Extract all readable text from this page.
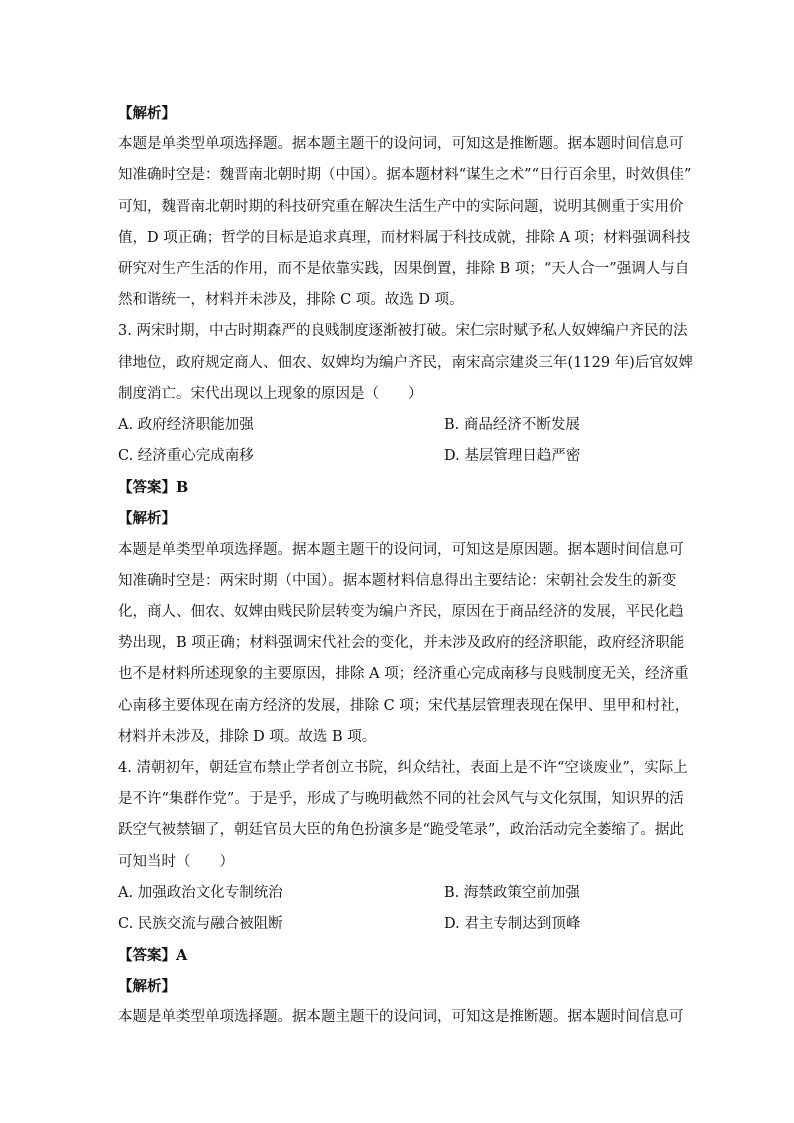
【解析】
本题是单类型单项选择题。据本题主题干的设问词，可知这是推断题。据本题时间信息可
知准确时空是：魏晋南北朝时期（中国）。据本题材料“谋生之术”“日行百余里，时效俱佳”
可知，魏晋南北朝时期的科技研究重在解决生活生产中的实际问题，说明其侧重于实用价
值，D 项正确；哲学的目标是追求真理，而材料属于科技成就，排除 A 项；材料强调科技
研究对生产生活的作用，而不是依靠实践，因果倒置，排除 B 项；“天人合一”强调人与自
然和谐统一，材料并未涉及，排除 C 项。故选 D 项。
3. 两宋时期，中古时期森严的良贱制度逐渐被打破。宋仁宗时赋予私人奴婢编户齐民的法
律地位，政府规定商人、佃农、奴婢均为编户齐民，南宋高宗建炎三年(1129 年)后官奴婢
制度消亡。宋代出现以上现象的原因是（　　）
A. 政府经济职能加强	B. 商品经济不断发展
C. 经济重心完成南移	D. 基层管理日趋严密
【答案】B
【解析】
本题是单类型单项选择题。据本题主题干的设问词，可知这是原因题。据本题时间信息可
知准确时空是：两宋时期（中国）。据本题材料信息得出主要结论：宋朝社会发生的新变
化，商人、佃农、奴婢由贱民阶层转变为编户齐民，原因在于商品经济的发展，平民化趋
势出现，B 项正确；材料强调宋代社会的变化，并未涉及政府的经济职能，政府经济职能
也不是材料所述现象的主要原因，排除 A 项；经济重心完成南移与良贱制度无关，经济重
心南移主要体现在南方经济的发展，排除 C 项；宋代基层管理表现在保甲、里甲和村社，
材料并未涉及，排除 D 项。故选 B 项。
4. 清朝初年，朝廷宣布禁止学者创立书院，纠众结社，表面上是不许“空谈废业”，实际上
是不许“集群作党”。于是乎，形成了与晚明截然不同的社会风气与文化氛围，知识界的活
跃空气被禁锢了，朝廷官员大臣的角色扮演多是“跪受笔录”，政治活动完全萎缩了。据此
可知当时（　　）
A. 加强政治文化专制统治	B. 海禁政策空前加强
C. 民族交流与融合被阻断	D. 君主专制达到顶峰
【答案】A
【解析】
本题是单类型单项选择题。据本题主题干的设问词，可知这是推断题。据本题时间信息可
